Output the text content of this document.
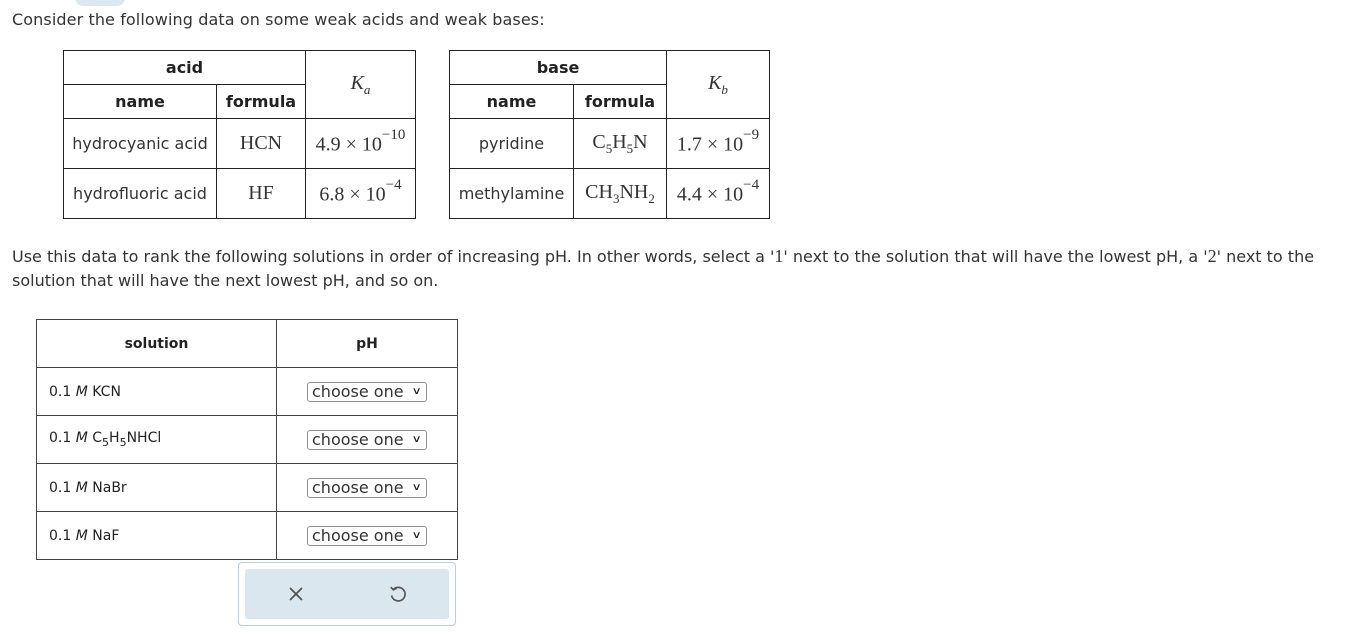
Consider the following data on some weak acids and weak bases:
acid		$K_a$
name	formula	
hydrocyanic acid	HCN	$4.9 \times 10^{-10}$
hydrofluoric acid	HF	$6.8 \times 10^{-4}$
base		$K_b$
name	formula	
pyridine	$C_5H_5N$	$1.7 \times 10^{-9}$
methylamine	$CH_3NH_2$	$4.4 \times 10^{-4}$
Use this data to rank the following solutions in order of increasing pH. In other words, select a '1' next to the solution that will have the lowest pH, a '2' next to the solution that will have the next lowest pH, and so on.
solution	pH
0.1 M KCN	choose one ∨

0.1 M $C_5H_5NHCl$	choose one ∨

0.1 M NaBr	choose one ∨

0.1 M NaF	choose one ∨
